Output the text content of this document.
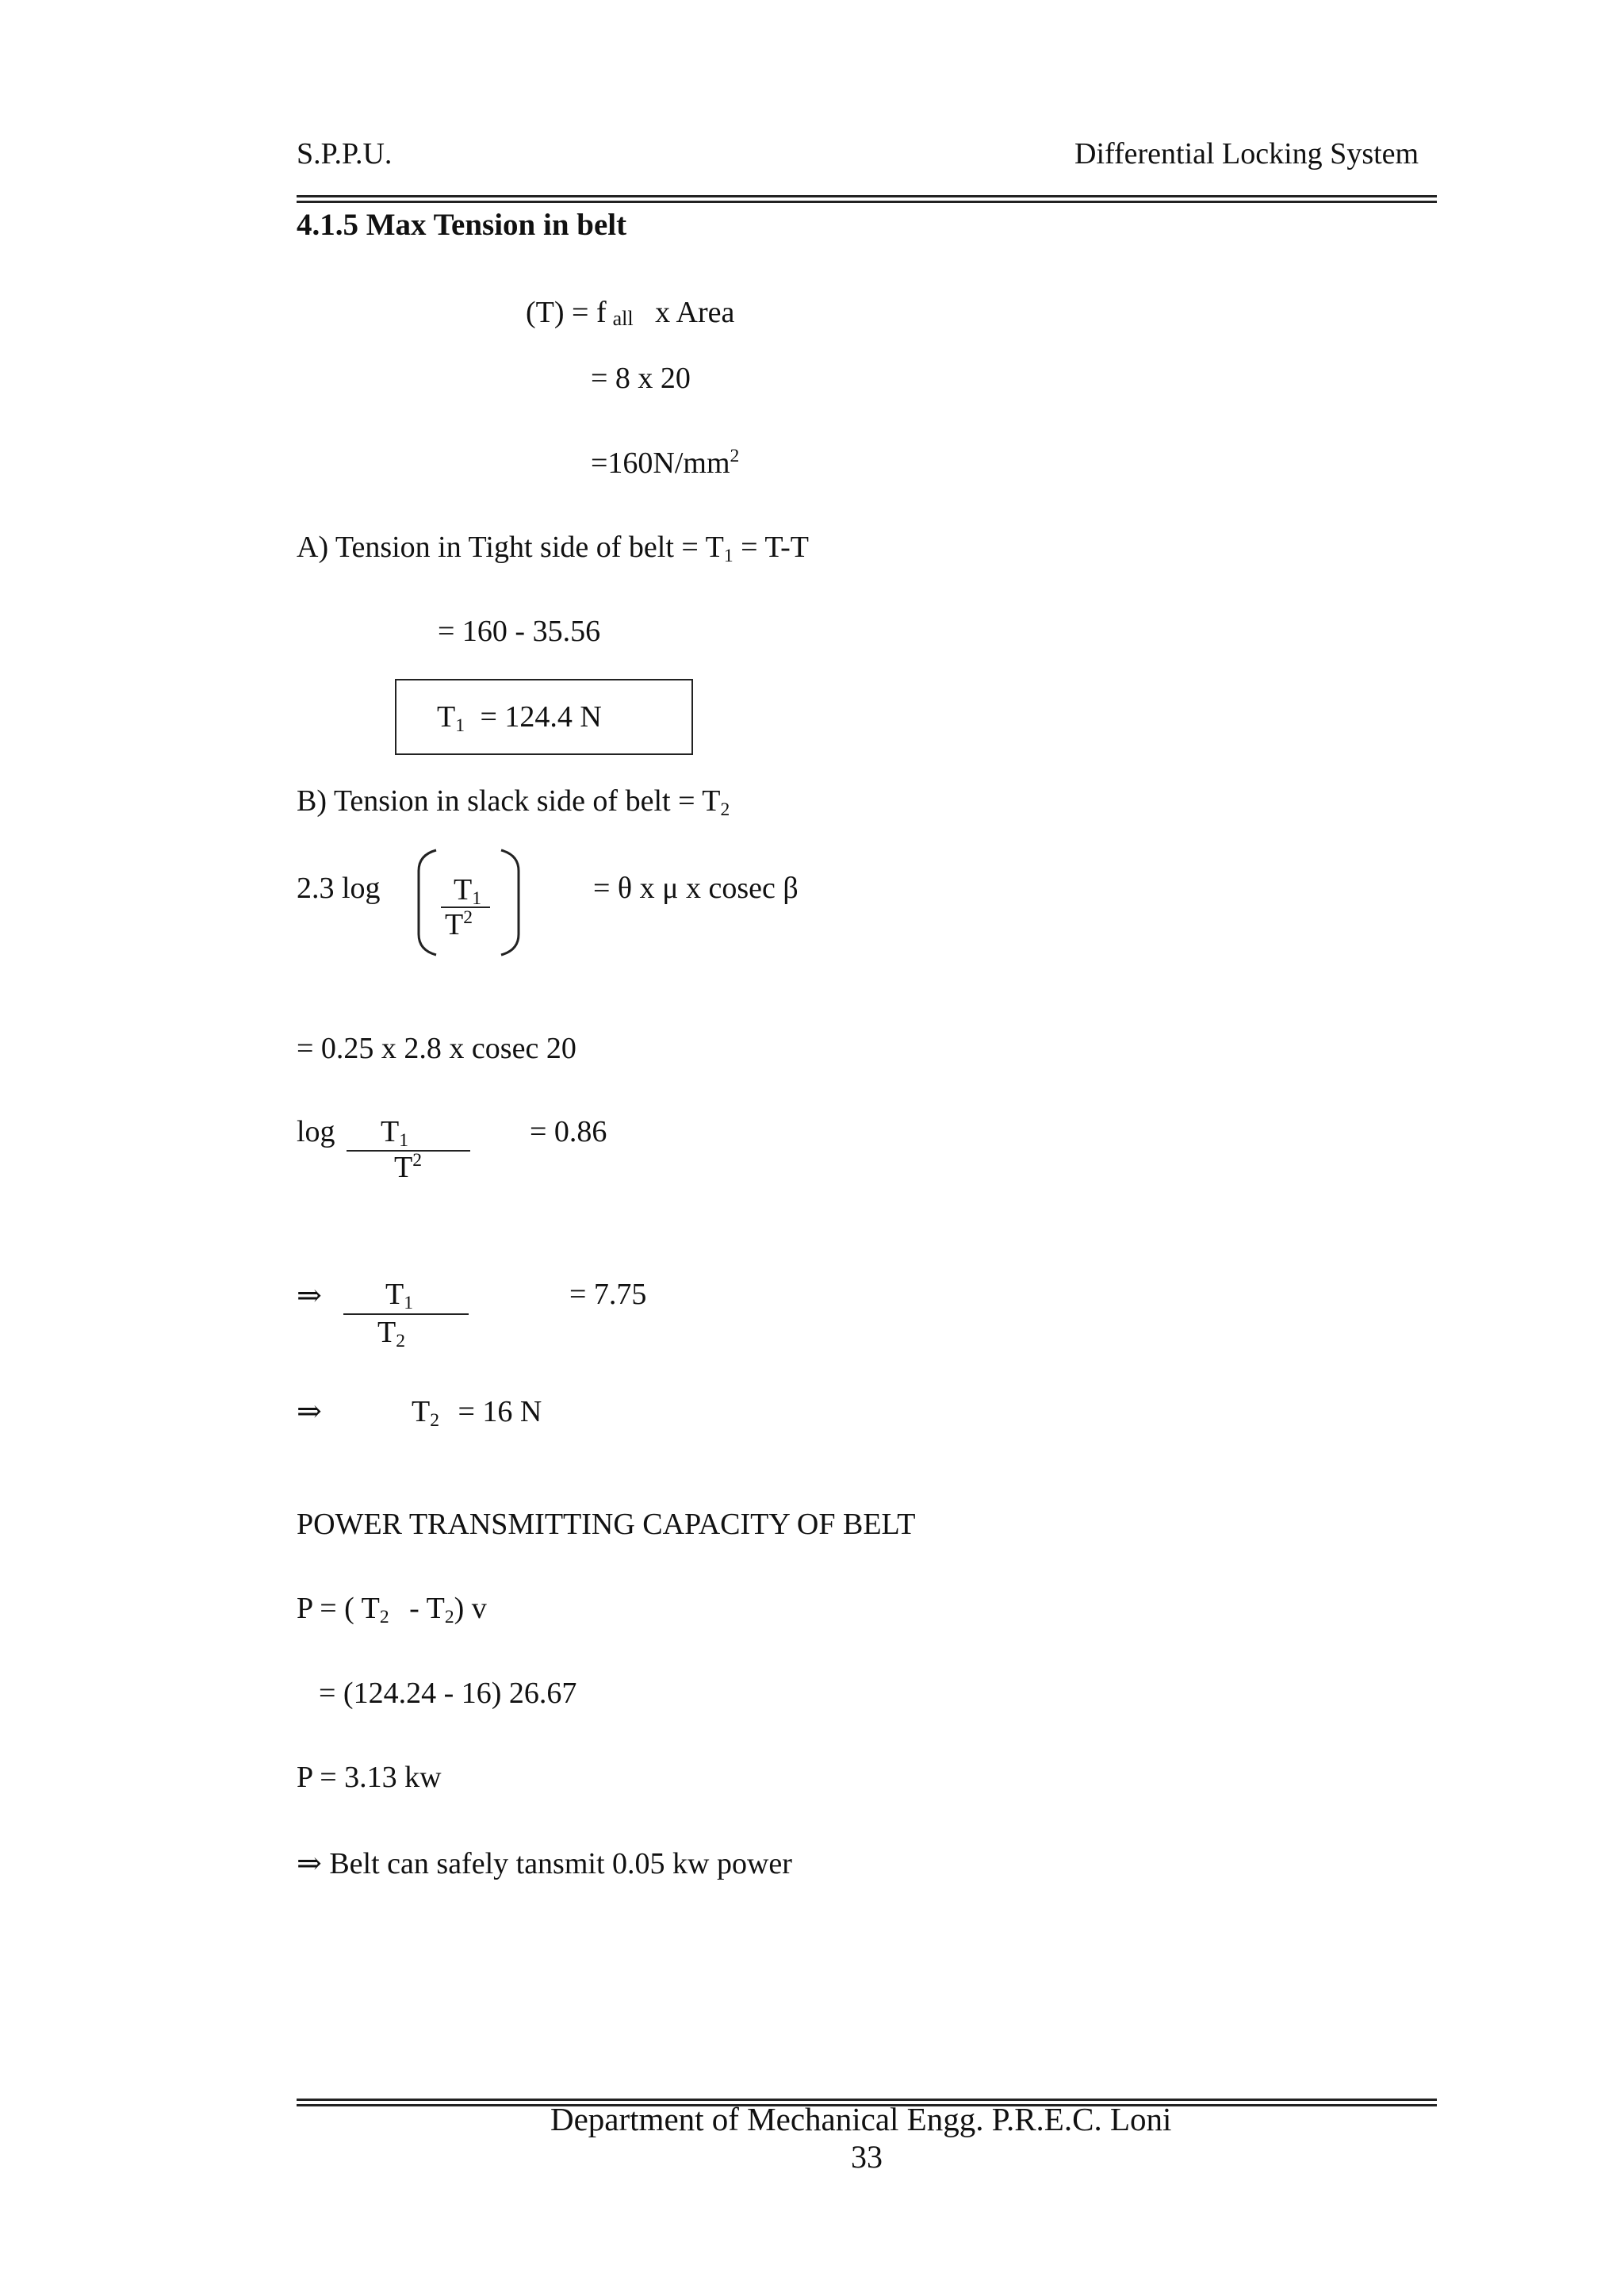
S.P.P.U.	Differential Locking System
4.1.5 Max Tension in belt
(T) = f all x Area
= 8 x 20
$=160N/mm^2$
A) Tension in Tight side of belt = $T_1 = T-T$
= 160 - 35.56
$T_1 = 124.4$ N
B) Tension in slack side of belt = $T_2$
2.3 $\log T_1$
$T^2$
= θ x μ x cosec β
= 0.25 x 2.8 x cosec 20
$\log T_1$
$T^2$
= 0.86
⇒ $T_1$
$T_2$
= 7.75
⇒	$T_2 = 16$ N
POWER TRANSMITTING CAPACITY OF BELT
P = ( $T_2 - T_2$) v
= (124.24 - 16) 26.67
P = 3.13 kw
⇒ Belt can safely tansmit 0.05 kw power
Department of Mechanical Engg. P.R.E.C. Loni
33
